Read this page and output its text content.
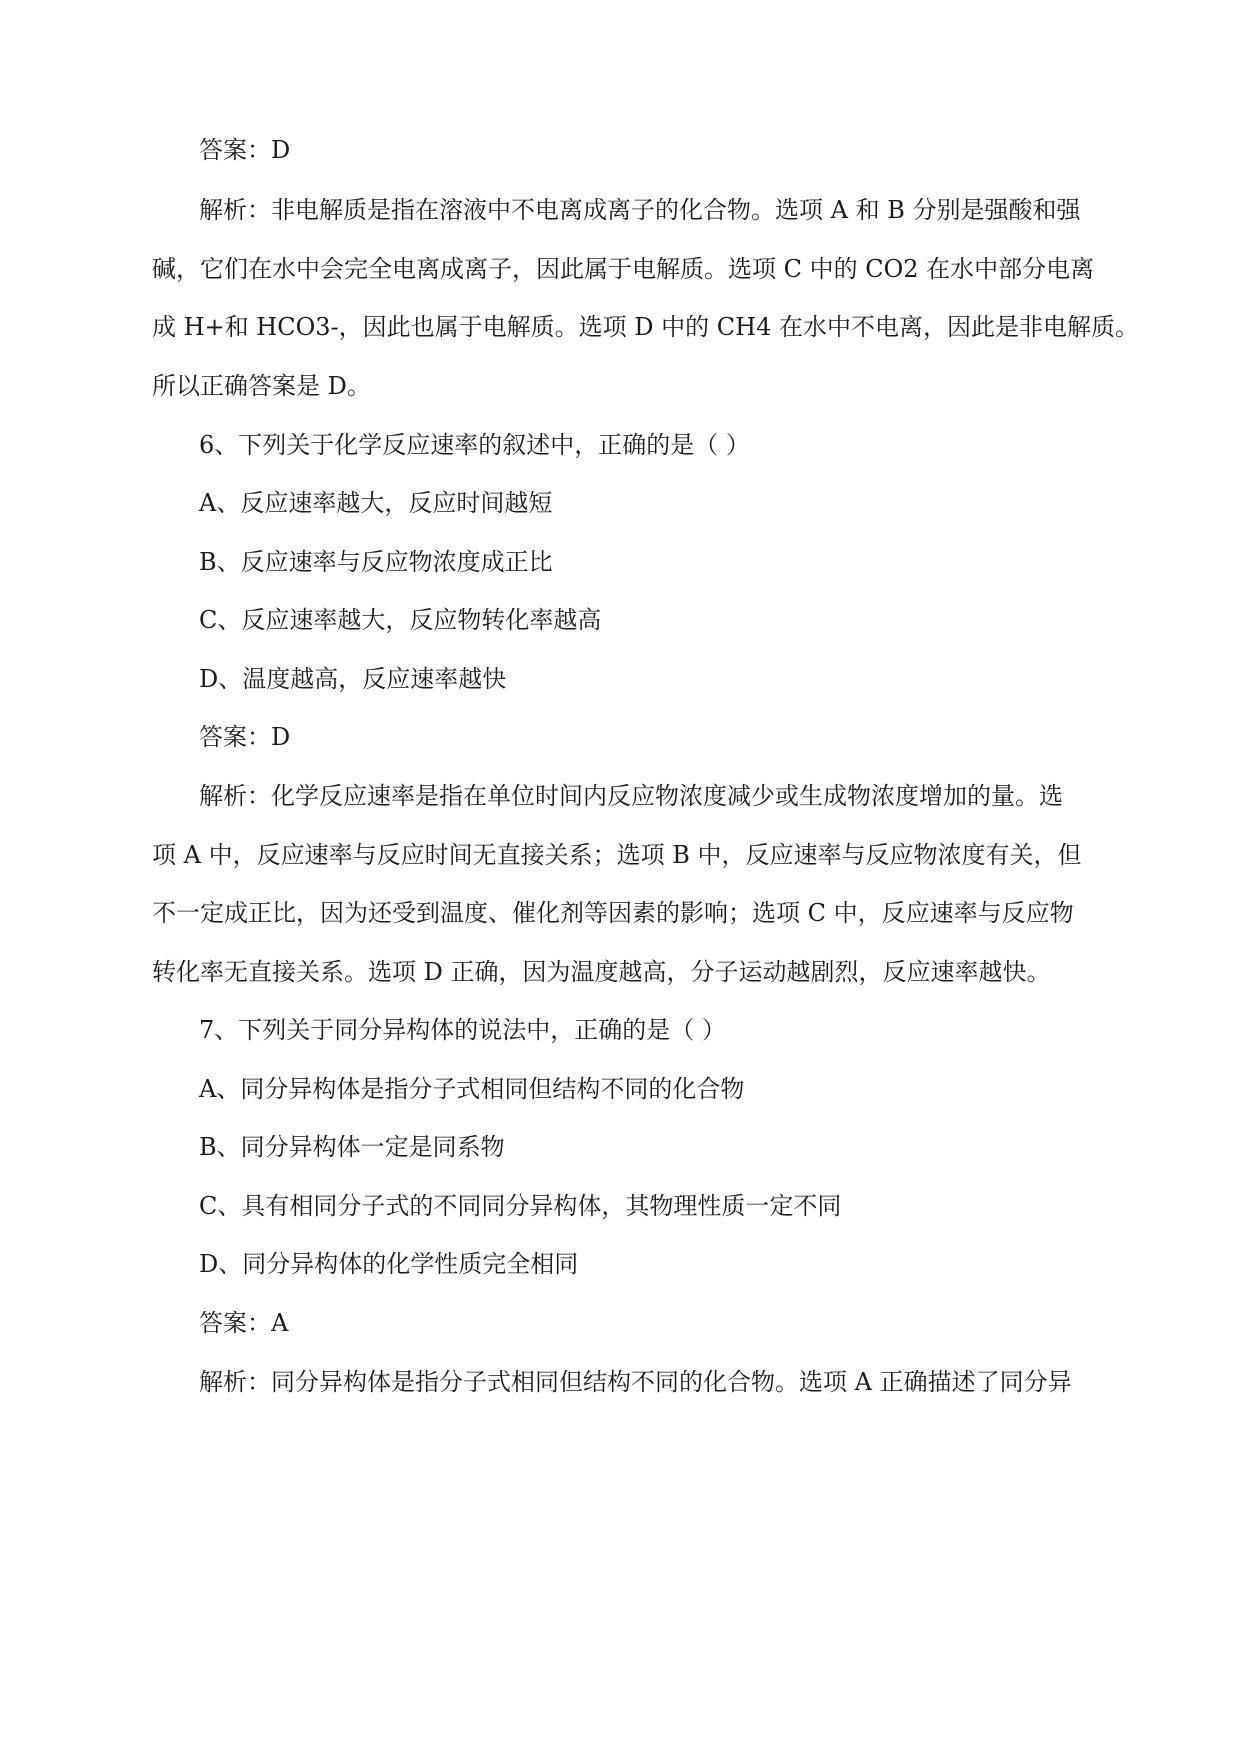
答案：D
解析：非电解质是指在溶液中不电离成离子的化合物。选项 A 和 B 分别是强酸和强
碱，它们在水中会完全电离成离子，因此属于电解质。选项 C 中的 CO2 在水中部分电离
成 H+和 HCO3-，因此也属于电解质。选项 D 中的 CH4 在水中不电离，因此是非电解质。
所以正确答案是 D。
6、下列关于化学反应速率的叙述中，正确的是（ ）
A、反应速率越大，反应时间越短
B、反应速率与反应物浓度成正比
C、反应速率越大，反应物转化率越高
D、温度越高，反应速率越快
答案：D
解析：化学反应速率是指在单位时间内反应物浓度减少或生成物浓度增加的量。选
项 A 中，反应速率与反应时间无直接关系；选项 B 中，反应速率与反应物浓度有关，但
不一定成正比，因为还受到温度、催化剂等因素的影响；选项 C 中，反应速率与反应物
转化率无直接关系。选项 D 正确，因为温度越高，分子运动越剧烈，反应速率越快。
7、下列关于同分异构体的说法中，正确的是（ ）
A、同分异构体是指分子式相同但结构不同的化合物
B、同分异构体一定是同系物
C、具有相同分子式的不同同分异构体，其物理性质一定不同
D、同分异构体的化学性质完全相同
答案：A
解析：同分异构体是指分子式相同但结构不同的化合物。选项 A 正确描述了同分异
